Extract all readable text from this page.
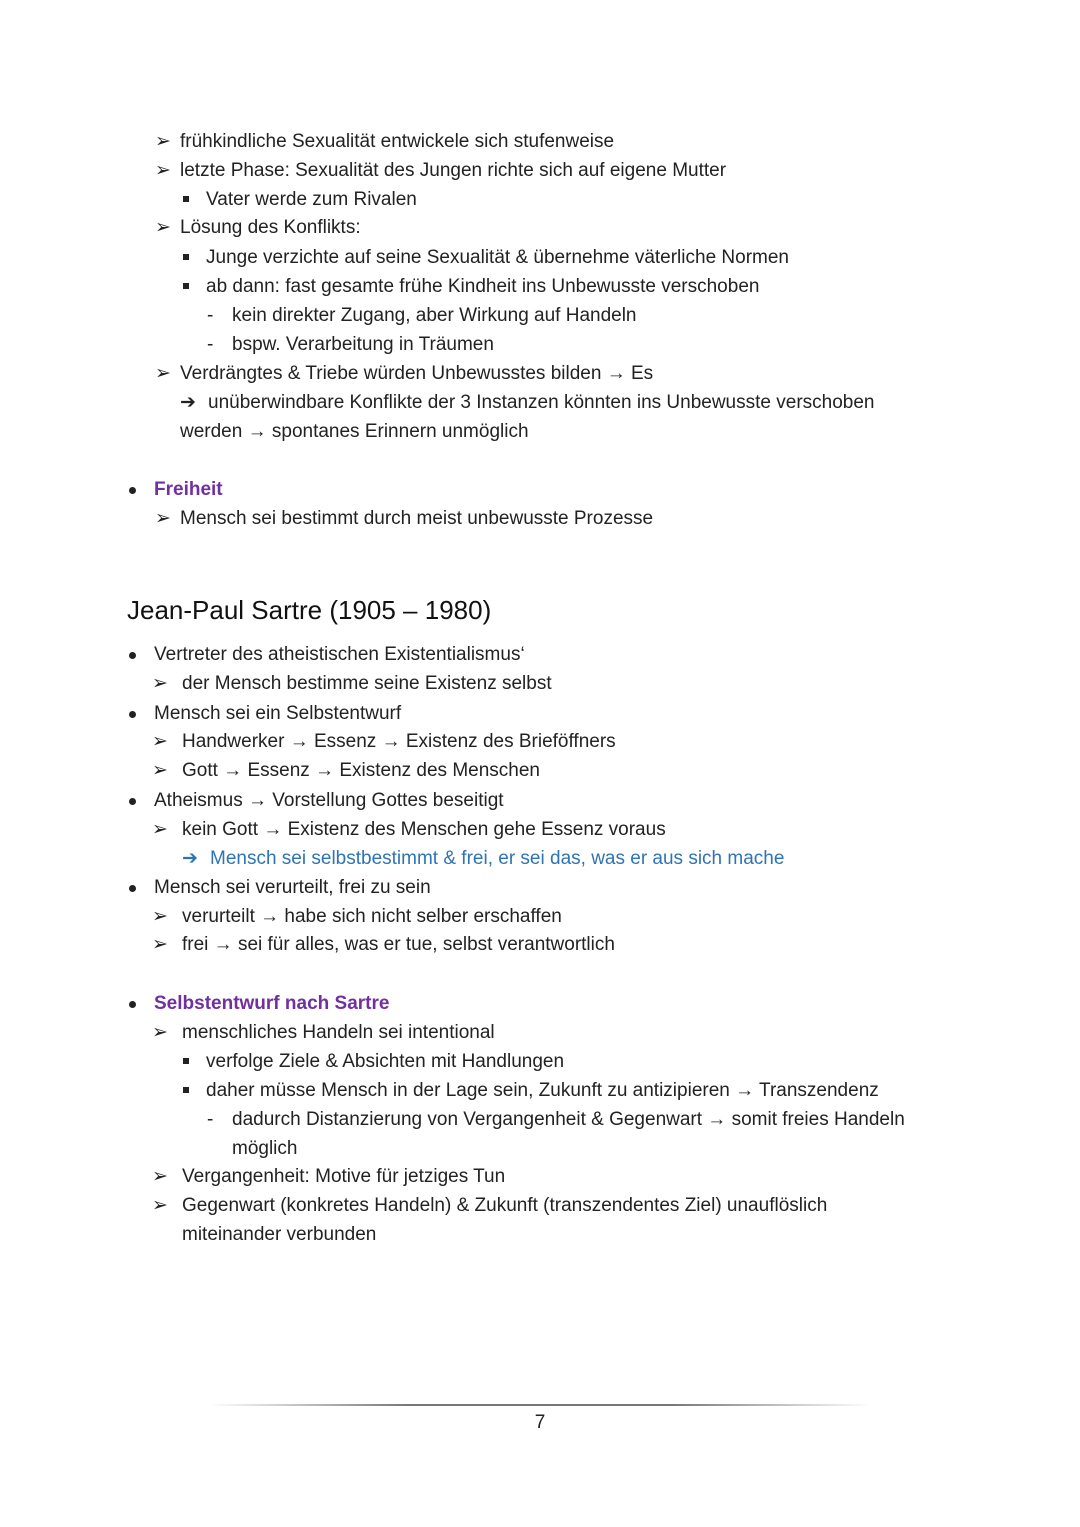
➢ frühkindliche Sexualität entwickele sich stufenweise
➢ letzte Phase: Sexualität des Jungen richte sich auf eigene Mutter
Vater werde zum Rivalen
➢ Lösung des Konflikts:
Junge verzichte auf seine Sexualität & übernehme väterliche Normen
ab dann: fast gesamte frühe Kindheit ins Unbewusste verschoben
- kein direkter Zugang, aber Wirkung auf Handeln
- bspw. Verarbeitung in Träumen
➢ Verdrängtes & Triebe würden Unbewusstes bilden → Es
➔ unüberwindbare Konflikte der 3 Instanzen könnten ins Unbewusste verschoben
werden → spontanes Erinnern unmöglich
Freiheit
➢ Mensch sei bestimmt durch meist unbewusste Prozesse
Jean-Paul Sartre (1905 – 1980)
Vertreter des atheistischen Existentialismus‘
➢ der Mensch bestimme seine Existenz selbst
Mensch sei ein Selbstentwurf
➢ Handwerker → Essenz → Existenz des Brieföffners
➢ Gott → Essenz → Existenz des Menschen
Atheismus → Vorstellung Gottes beseitigt
➢ kein Gott → Existenz des Menschen gehe Essenz voraus
➔ Mensch sei selbstbestimmt & frei, er sei das, was er aus sich mache
Mensch sei verurteilt, frei zu sein
➢ verurteilt → habe sich nicht selber erschaffen
➢ frei → sei für alles, was er tue, selbst verantwortlich
Selbstentwurf nach Sartre
➢ menschliches Handeln sei intentional
verfolge Ziele & Absichten mit Handlungen
daher müsse Mensch in der Lage sein, Zukunft zu antizipieren → Transzendenz
- dadurch Distanzierung von Vergangenheit & Gegenwart → somit freies Handeln
möglich
➢ Vergangenheit: Motive für jetziges Tun
➢ Gegenwart (konkretes Handeln) & Zukunft (transzendentes Ziel) unauflöslich
miteinander verbunden
7
